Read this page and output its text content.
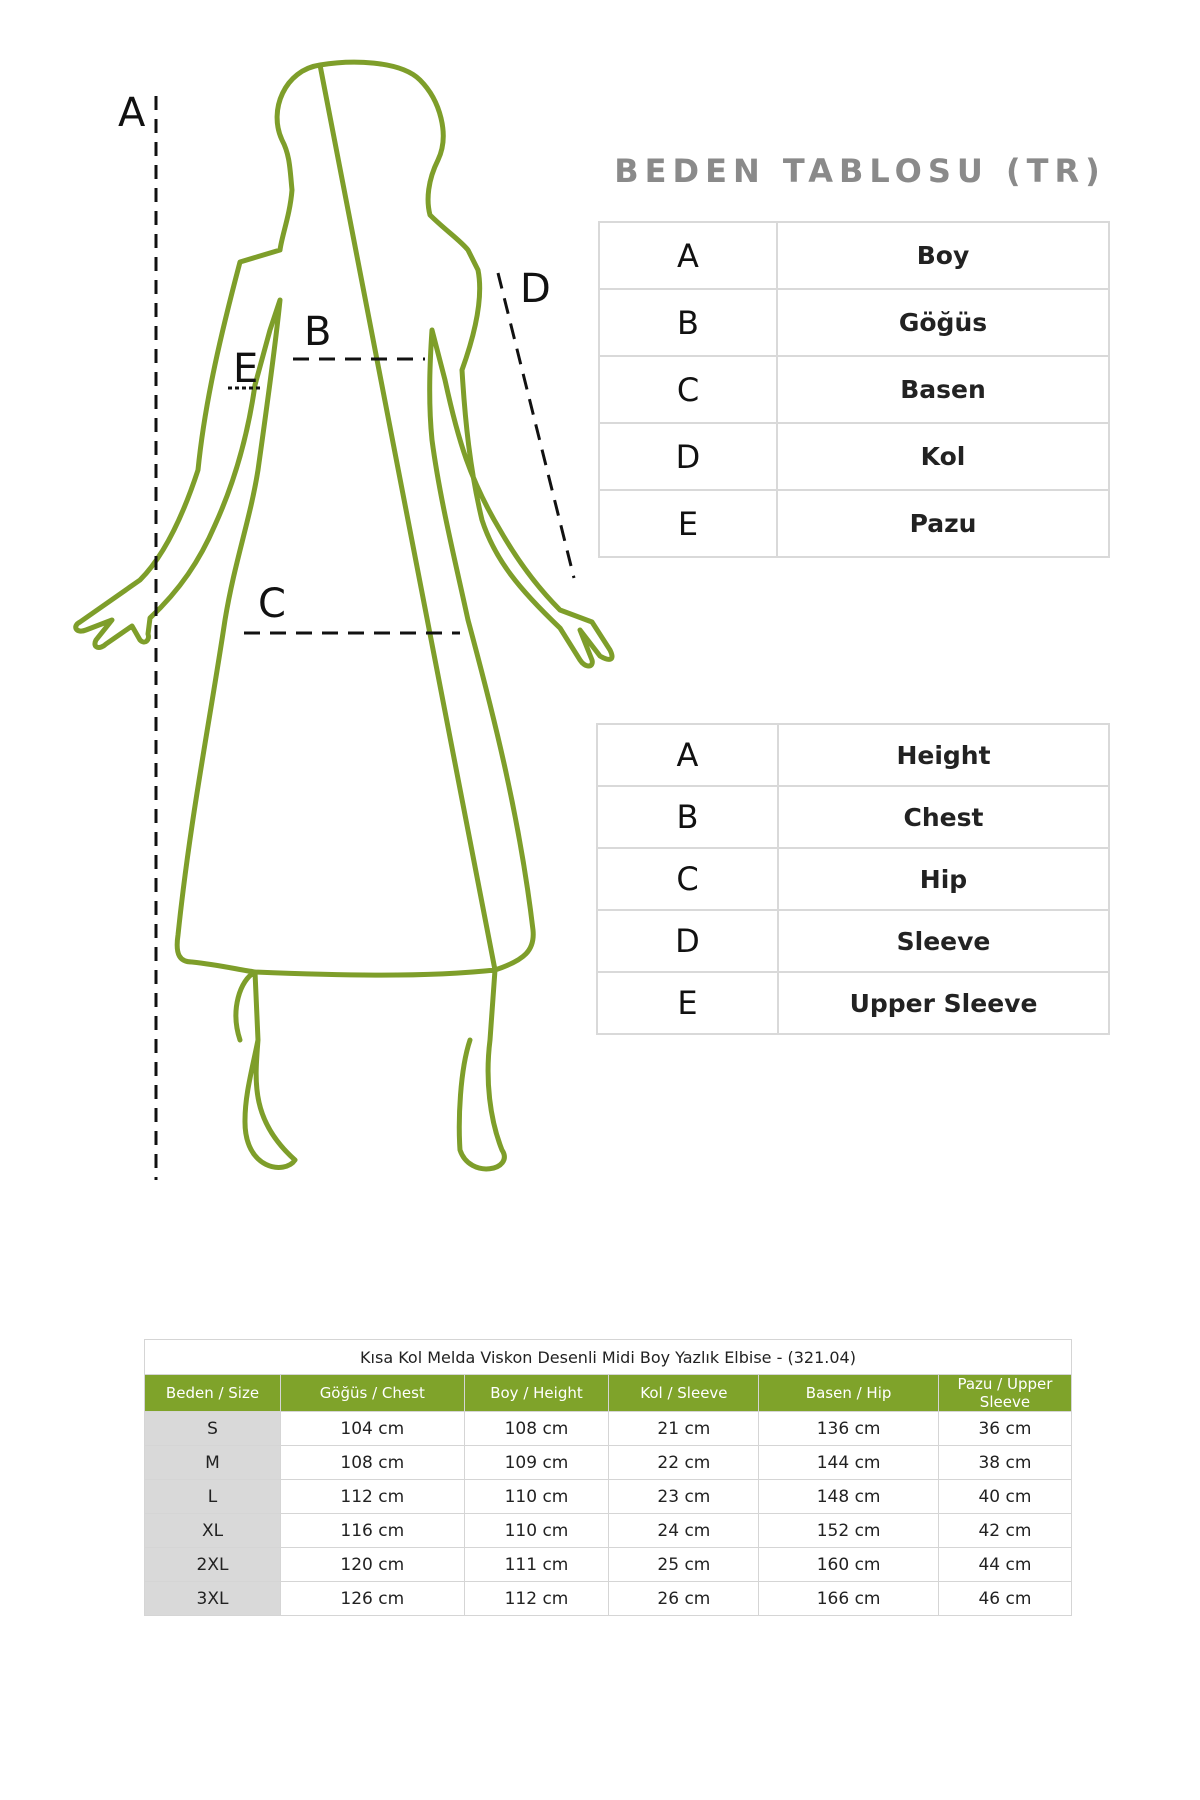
A
B
C
D
E
BEDEN TABLOSU (TR)
A	Boy
B	Göğüs
C	Basen
D	Kol
E	Pazu
A	Height
B	Chest
C	Hip
D	Sleeve
E	Upper Sleeve
Kısa Kol Melda Viskon Desenli Midi Boy Yazlık Elbise - (321.04)					
Beden / Size	Göğüs / Chest	Boy / Height	Kol / Sleeve	Basen / Hip	Pazu / Upper Sleeve
S	104 cm	108 cm	21 cm	136 cm	36 cm
M	108 cm	109 cm	22 cm	144 cm	38 cm
L	112 cm	110 cm	23 cm	148 cm	40 cm
XL	116 cm	110 cm	24 cm	152 cm	42 cm
2XL	120 cm	111 cm	25 cm	160 cm	44 cm
3XL	126 cm	112 cm	26 cm	166 cm	46 cm
